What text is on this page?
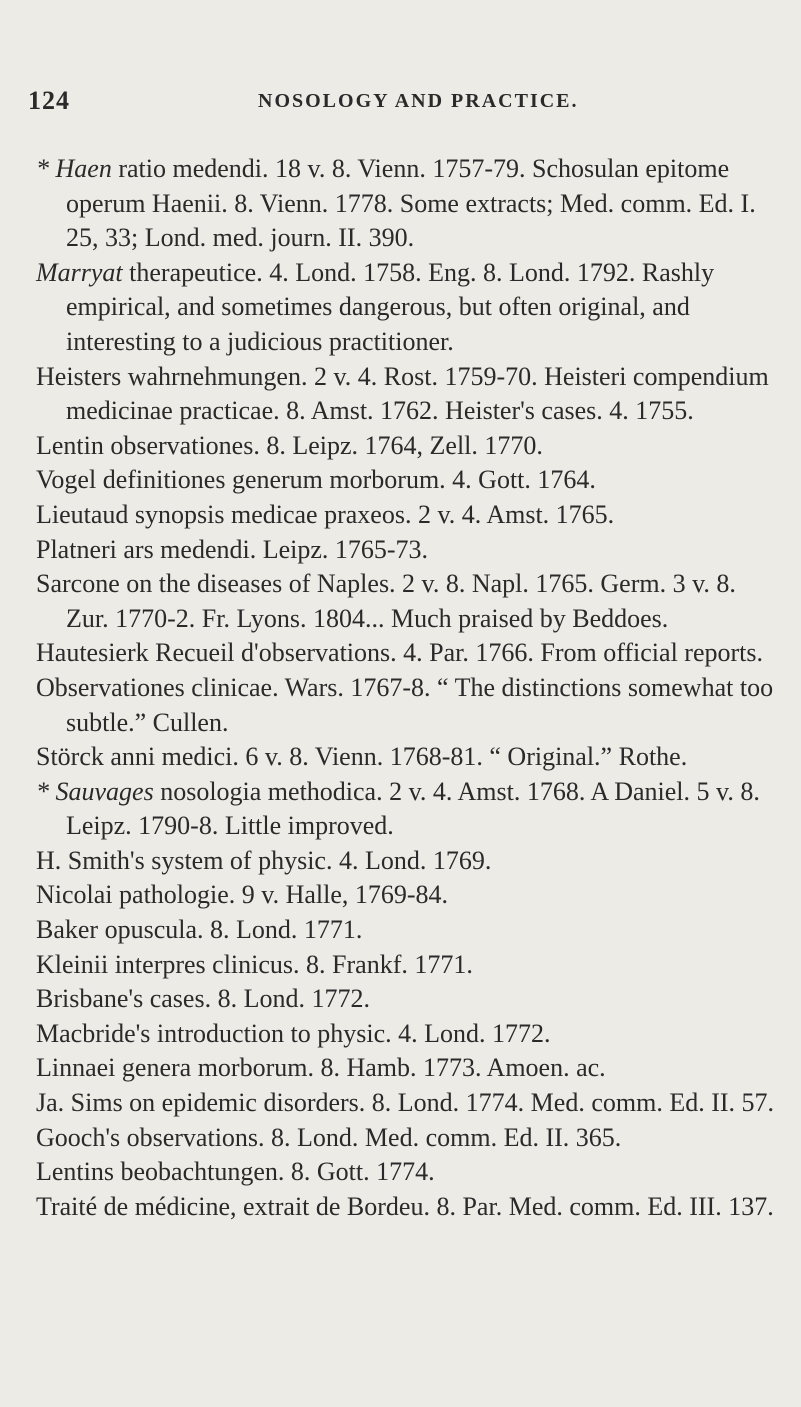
124	NOSOLOGY AND PRACTICE.

* Haen ratio medendi. 18 v. 8. Vienn. 1757-79. Schosulan epitome operum Haenii. 8. Vienn. 1778. Some extracts; Med. comm. Ed. I. 25, 33; Lond. med. journ. II. 390.

Marryat therapeutice. 4. Lond. 1758. Eng. 8. Lond. 1792. Rashly empirical, and sometimes dangerous, but often original, and interesting to a judicious practitioner.

Heisters wahrnehmungen. 2 v. 4. Rost. 1759-70. Heisteri compendium medicinae practicae. 8. Amst. 1762. Heister's cases. 4. 1755.

Lentin observationes. 8. Leipz. 1764, Zell. 1770.

Vogel definitiones generum morborum. 4. Gott. 1764.

Lieutaud synopsis medicae praxeos. 2 v. 4. Amst. 1765.

Platneri ars medendi. Leipz. 1765-73.

Sarcone on the diseases of Naples. 2 v. 8. Napl. 1765. Germ. 3 v. 8. Zur. 1770-2. Fr. Lyons. 1804... Much praised by Beddoes.

Hautesierk Recueil d'observations. 4. Par. 1766. From official reports.

Observationes clinicae. Wars. 1767-8. “ The distinctions somewhat too subtle.” Cullen.

Störck anni medici. 6 v. 8. Vienn. 1768-81. “ Original.” Rothe.

* Sauvages nosologia methodica. 2 v. 4. Amst. 1768. A Daniel. 5 v. 8. Leipz. 1790-8. Little improved.

H. Smith's system of physic. 4. Lond. 1769.

Nicolai pathologie. 9 v. Halle, 1769-84.

Baker opuscula. 8. Lond. 1771.

Kleinii interpres clinicus. 8. Frankf. 1771.

Brisbane's cases. 8. Lond. 1772.

Macbride's introduction to physic. 4. Lond. 1772.

Linnaei genera morborum. 8. Hamb. 1773. Amoen. ac.

Ja. Sims on epidemic disorders. 8. Lond. 1774. Med. comm. Ed. II. 57.

Gooch's observations. 8. Lond. Med. comm. Ed. II. 365.

Lentins beobachtungen. 8. Gott. 1774.

Traité de médicine, extrait de Bordeu. 8. Par. Med. comm. Ed. III. 137.
